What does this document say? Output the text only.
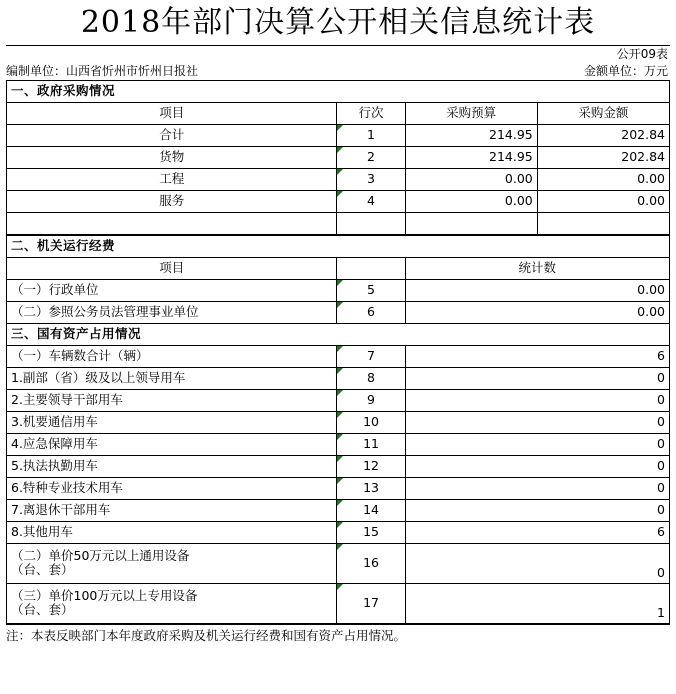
2018年部门决算公开相关信息统计表

公开09表
编制单位：山西省忻州市忻州日报社
	金额单位：万元
一、政府采购情况			
项目	行次	采购预算	采购金额
合计	1	214.95	202.84
货物	2	214.95	202.84
工程	3	0.00	0.00
服务	4	0.00	0.00

二、机关运行经费		
项目		统计数
（一）行政单位	5	0.00
（二）参照公务员法管理事业单位	6	0.00
三、国有资产占用情况		
（一）车辆数合计（辆）	7	6
1.副部（省）级及以上领导用车	8	0
2.主要领导干部用车	9	0
3.机要通信用车	10	0
4.应急保障用车	11	0
5.执法执勤用车	12	0
6.特种专业技术用车	13	0
7.离退休干部用车	14	0
8.其他用车	15	6

（二）单价50万元以上通用设备
（台、套）	16	0

（三）单价100万元以上专用设备
（台、套）	17	1
注：本表反映部门本年度政府采购及机关运行经费和国有资产占用情况。
